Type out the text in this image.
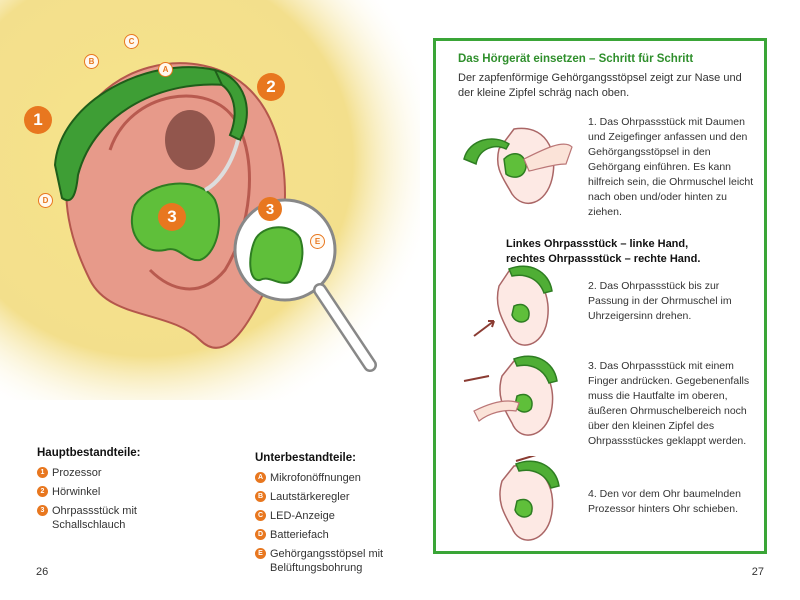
1
2
3	3
A
B
C
D
E
Hauptbestandteile:
1 Prozessor
2 Hörwinkel
3 Ohrpassstück mit Schallschlauch
Unterbestandteile:
A Mikrofonöffnungen
B Lautstärkeregler
C LED-Anzeige
D Batteriefach
E Gehörgangsstöpsel mit Belüftungsbohrung
26
Das Hörgerät einsetzen – Schritt für Schritt
Der zapfenförmige Gehörgangsstöpsel zeigt zur Nase und der kleine Zipfel schräg nach oben.
1. Das Ohrpassstück mit Daumen und Zeigefinger anfassen und den Gehörgangsstöpsel in den Gehörgang einführen. Es kann hilfreich sein, die Ohrmuschel leicht nach oben und/oder hinten zu ziehen.
Linkes Ohrpassstück – linke Hand,
rechtes Ohrpassstück – rechte Hand.
2. Das Ohrpassstück bis zur Passung in der Ohrmuschel im Uhrzeigersinn drehen.
3. Das Ohrpassstück mit einem Finger andrücken. Gegebenenfalls muss die Hautfalte im oberen, äußeren Ohrmuschelbereich noch über den kleinen Zipfel des Ohrpassstückes geklappt werden.
4. Den vor dem Ohr baumelnden Prozessor hinters Ohr schieben.
27
